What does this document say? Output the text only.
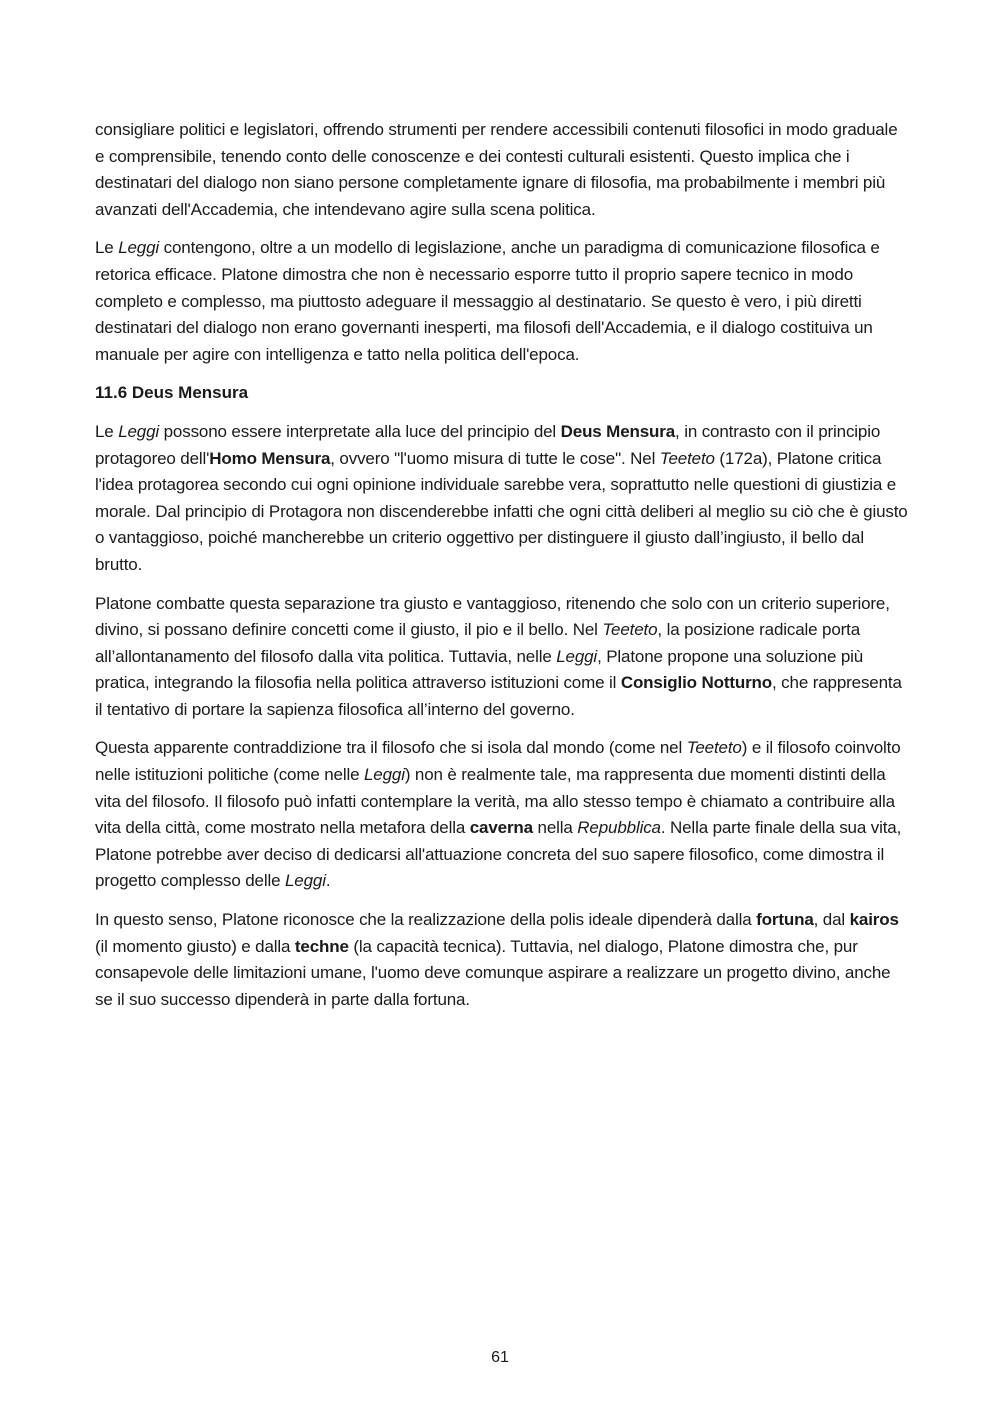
consigliare politici e legislatori, offrendo strumenti per rendere accessibili contenuti filosofici in modo graduale e comprensibile, tenendo conto delle conoscenze e dei contesti culturali esistenti. Questo implica che i destinatari del dialogo non siano persone completamente ignare di filosofia, ma probabilmente i membri più avanzati dell'Accademia, che intendevano agire sulla scena politica.

Le Leggi contengono, oltre a un modello di legislazione, anche un paradigma di comunicazione filosofica e retorica efficace. Platone dimostra che non è necessario esporre tutto il proprio sapere tecnico in modo completo e complesso, ma piuttosto adeguare il messaggio al destinatario. Se questo è vero, i più diretti destinatari del dialogo non erano governanti inesperti, ma filosofi dell'Accademia, e il dialogo costituiva un manuale per agire con intelligenza e tatto nella politica dell'epoca.

11.6 Deus Mensura

Le Leggi possono essere interpretate alla luce del principio del Deus Mensura, in contrasto con il principio protagoreo dell'Homo Mensura, ovvero "l'uomo misura di tutte le cose". Nel Teeteto (172a), Platone critica l'idea protagorea secondo cui ogni opinione individuale sarebbe vera, soprattutto nelle questioni di giustizia e morale. Dal principio di Protagora non discenderebbe infatti che ogni città deliberi al meglio su ciò che è giusto o vantaggioso, poiché mancherebbe un criterio oggettivo per distinguere il giusto dall’ingiusto, il bello dal brutto.

Platone combatte questa separazione tra giusto e vantaggioso, ritenendo che solo con un criterio superiore, divino, si possano definire concetti come il giusto, il pio e il bello. Nel Teeteto, la posizione radicale porta all’allontanamento del filosofo dalla vita politica. Tuttavia, nelle Leggi, Platone propone una soluzione più pratica, integrando la filosofia nella politica attraverso istituzioni come il Consiglio Notturno, che rappresenta il tentativo di portare la sapienza filosofica all’interno del governo.

Questa apparente contraddizione tra il filosofo che si isola dal mondo (come nel Teeteto) e il filosofo coinvolto nelle istituzioni politiche (come nelle Leggi) non è realmente tale, ma rappresenta due momenti distinti della vita del filosofo. Il filosofo può infatti contemplare la verità, ma allo stesso tempo è chiamato a contribuire alla vita della città, come mostrato nella metafora della caverna nella Repubblica. Nella parte finale della sua vita, Platone potrebbe aver deciso di dedicarsi all'attuazione concreta del suo sapere filosofico, come dimostra il progetto complesso delle Leggi.

In questo senso, Platone riconosce che la realizzazione della polis ideale dipenderà dalla fortuna, dal kairos (il momento giusto) e dalla techne (la capacità tecnica). Tuttavia, nel dialogo, Platone dimostra che, pur consapevole delle limitazioni umane, l'uomo deve comunque aspirare a realizzare un progetto divino, anche se il suo successo dipenderà in parte dalla fortuna.

61
